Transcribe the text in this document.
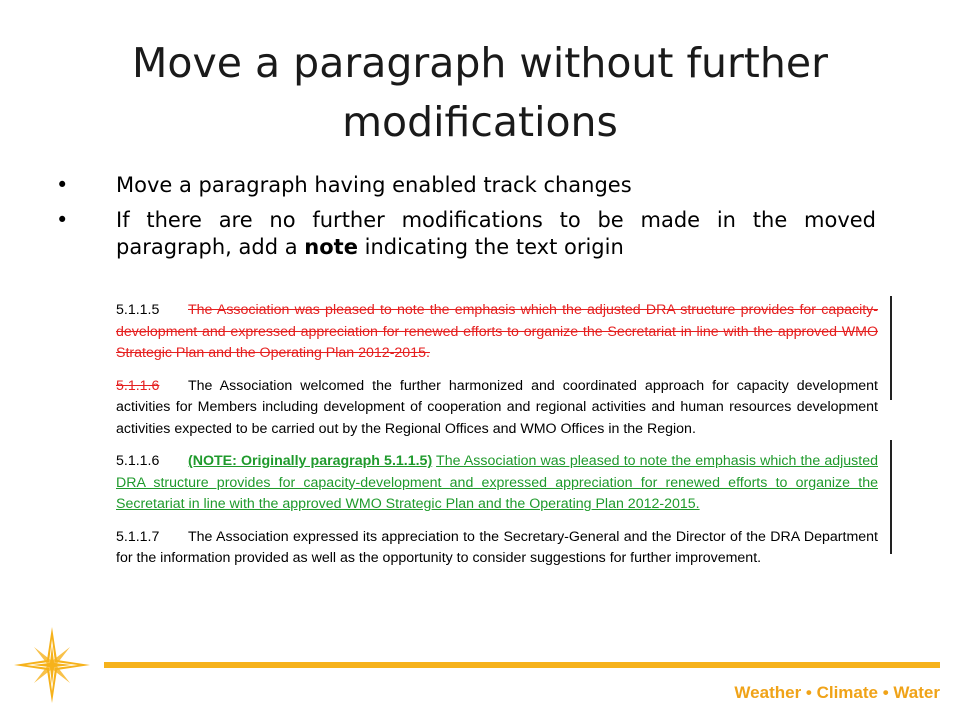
Move a paragraph without further modifications
• Move a paragraph having enabled track changes
• If there are no further modifications to be made in the moved paragraph, add a note indicating the text origin
5.1.1.5 The Association was pleased to note the emphasis which the adjusted DRA structure provides for capacity-development and expressed appreciation for renewed efforts to organize the Secretariat in line with the approved WMO Strategic Plan and the Operating Plan 2012-2015.
5.1.1.6 The Association welcomed the further harmonized and coordinated approach for capacity development activities for Members including development of cooperation and regional activities and human resources development activities expected to be carried out by the Regional Offices and WMO Offices in the Region.
5.1.1.6 (NOTE: Originally paragraph 5.1.1.5) The Association was pleased to note the emphasis which the adjusted DRA structure provides for capacity-development and expressed appreciation for renewed efforts to organize the Secretariat in line with the approved WMO Strategic Plan and the Operating Plan 2012-2015.
5.1.1.7 The Association expressed its appreciation to the Secretary-General and the Director of the DRA Department for the information provided as well as the opportunity to consider suggestions for further improvement.
Weather • Climate • Water
